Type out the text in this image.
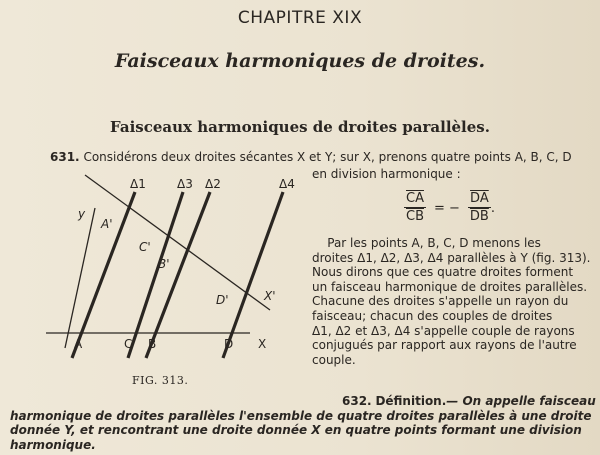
CHAPITRE XIX
Faisceaux harmoniques de droites.
Faisceaux harmoniques de droites parallèles.
631. Considérons deux droites sécantes X et Y; sur X, prenons quatre points A, B, C, D
en division harmonique :
$\frac{\overline{CA}}{CB}$ = − $\frac{\overline{DA}}{DB}$ .
Par les points A, B, C, D menons les
droites Δ1, Δ2, Δ3, Δ4 parallèles à Y (fig. 313).
Nous dirons que ces quatre droites forment
un faisceau harmonique de droites parallèles.
Chacune des droites s'appelle un rayon du
faisceau; chacun des couples de droites
Δ1, Δ2 et Δ3, Δ4 s'appelle couple de rayons
conjugués par rapport aux rayons de l'autre
couple.
y
A'
C'
B'
D'	X'
A	C B	D X
Δ1	Δ3 Δ2	Δ4
FIG. 313.
632. Définition.— On appelle faisceau
harmonique de droites parallèles l'ensemble de quatre droites parallèles à une droite
donnée Y, et rencontrant une droite donnée X en quatre points formant une division
harmonique.
